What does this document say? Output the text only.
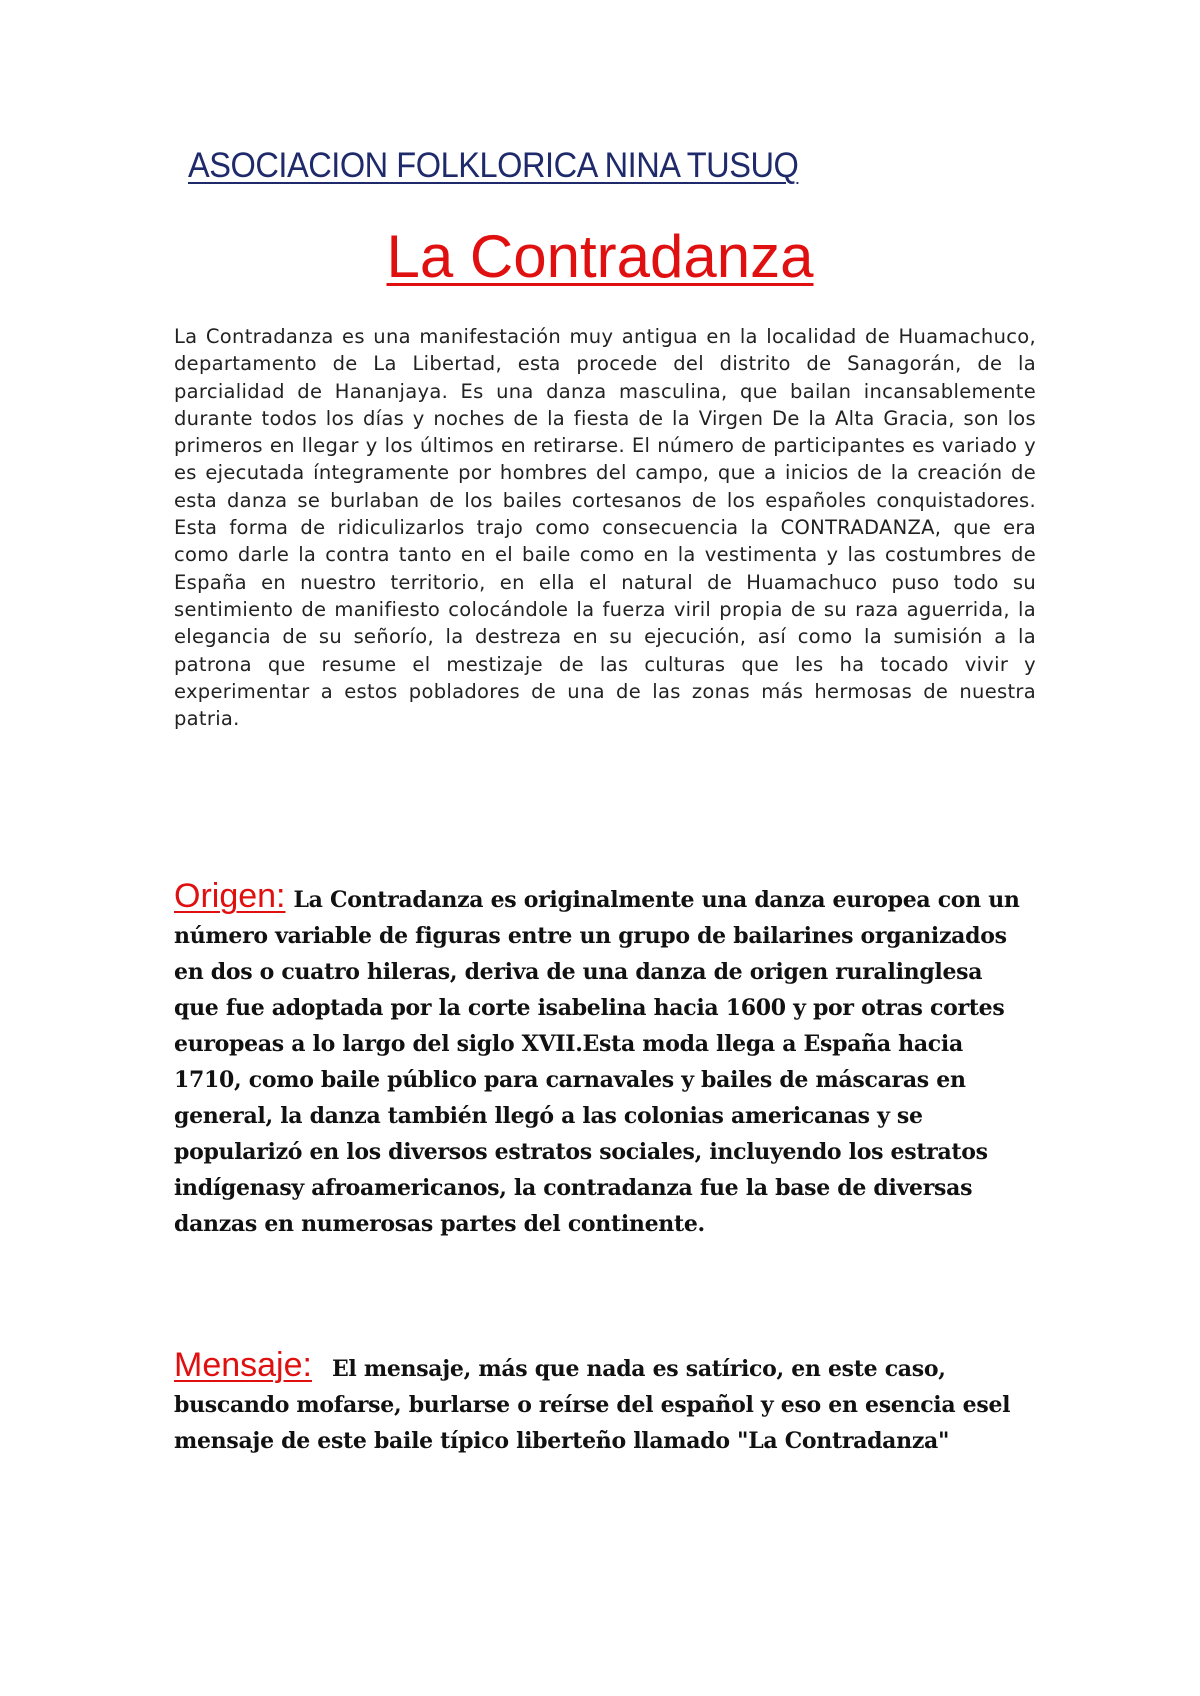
ASOCIACION FOLKLORICA NINA TUSUQ
La Contradanza

La Contradanza es una manifestación muy antigua en la localidad de Huamachuco, departamento de La Libertad, esta procede del distrito de Sanagorán, de la parcialidad de Hananjaya. Es una danza masculina, que bailan incansablemente durante todos los días y noches de la fiesta de la Virgen De la Alta Gracia, son los primeros en llegar y los últimos en retirarse. El número de participantes es variado y es ejecutada íntegramente por hombres del campo, que a inicios de la creación de esta danza se burlaban de los bailes cortesanos de los españoles conquistadores. Esta forma de ridiculizarlos trajo como consecuencia la CONTRADANZA, que era como darle la contra tanto en el baile como en la vestimenta y las costumbres de España en nuestro territorio, en ella el natural de Huamachuco puso todo su sentimiento de manifiesto colocándole la fuerza viril propia de su raza aguerrida, la elegancia de su señorío, la destreza en su ejecución, así como la sumisión a la patrona que resume el mestizaje de las culturas que les ha tocado vivir y experimentar a estos pobladores de una de las zonas más hermosas de nuestra patria.

Origen: La Contradanza es originalmente una danza europea con un número variable de figuras entre un grupo de bailarines organizados en dos o cuatro hileras, deriva de una danza de origen ruralinglesa que fue adoptada por la corte isabelina hacia 1600 y por otras cortes europeas a lo largo del siglo XVII.Esta moda llega a España hacia 1710, como baile público para carnavales y bailes de máscaras en general, la danza también llegó a las colonias americanas y se popularizó en los diversos estratos sociales, incluyendo los estratos indígenasy afroamericanos, la contradanza fue la base de diversas danzas en numerosas partes del continente.

Mensaje: El mensaje, más que nada es satírico, en este caso, buscando mofarse, burlarse o reírse del español y eso en esencia esel mensaje de este baile típico liberteño llamado "La Contradanza"
